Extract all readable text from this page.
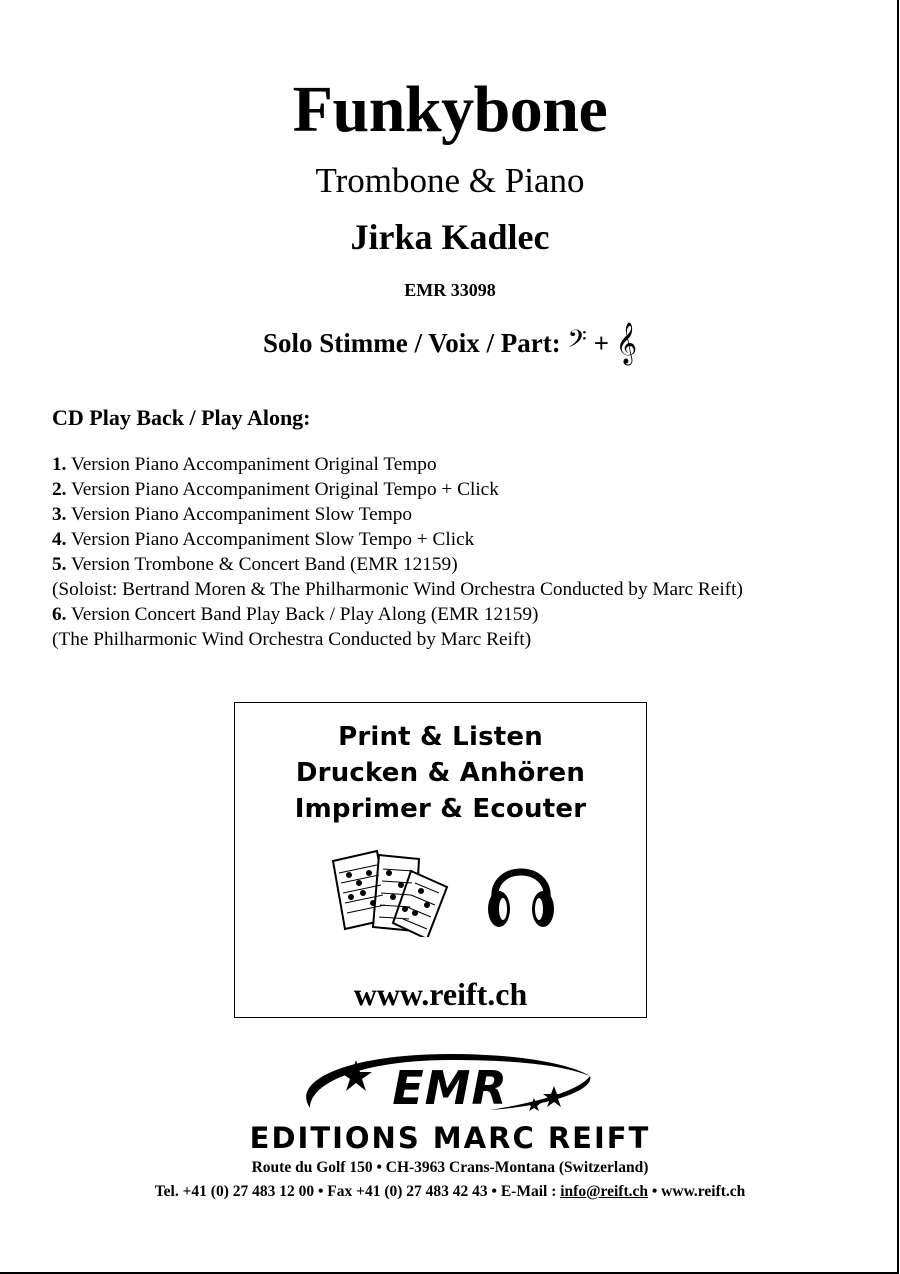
Funkybone
Trombone & Piano
Jirka Kadlec
EMR 33098
Solo Stimme / Voix / Part: 𝄢 + 𝄞
CD Play Back / Play Along:
1. Version Piano Accompaniment Original Tempo
2. Version Piano Accompaniment Original Tempo + Click
3. Version Piano Accompaniment Slow Tempo
4. Version Piano Accompaniment Slow Tempo + Click
5. Version Trombone & Concert Band (EMR 12159)
(Soloist: Bertrand Moren & The Philharmonic Wind Orchestra Conducted by Marc Reift)
6. Version Concert Band Play Back / Play Along (EMR 12159)
(The Philharmonic Wind Orchestra Conducted by Marc Reift)
Print & Listen
Drucken & Anhören
Imprimer & Ecouter
www.reift.ch
EMR
EDITIONS MARC REIFT
Route du Golf 150 • CH-3963 Crans-Montana (Switzerland)
Tel. +41 (0) 27 483 12 00 • Fax +41 (0) 27 483 42 43 • E-Mail : info@reift.ch • www.reift.ch
